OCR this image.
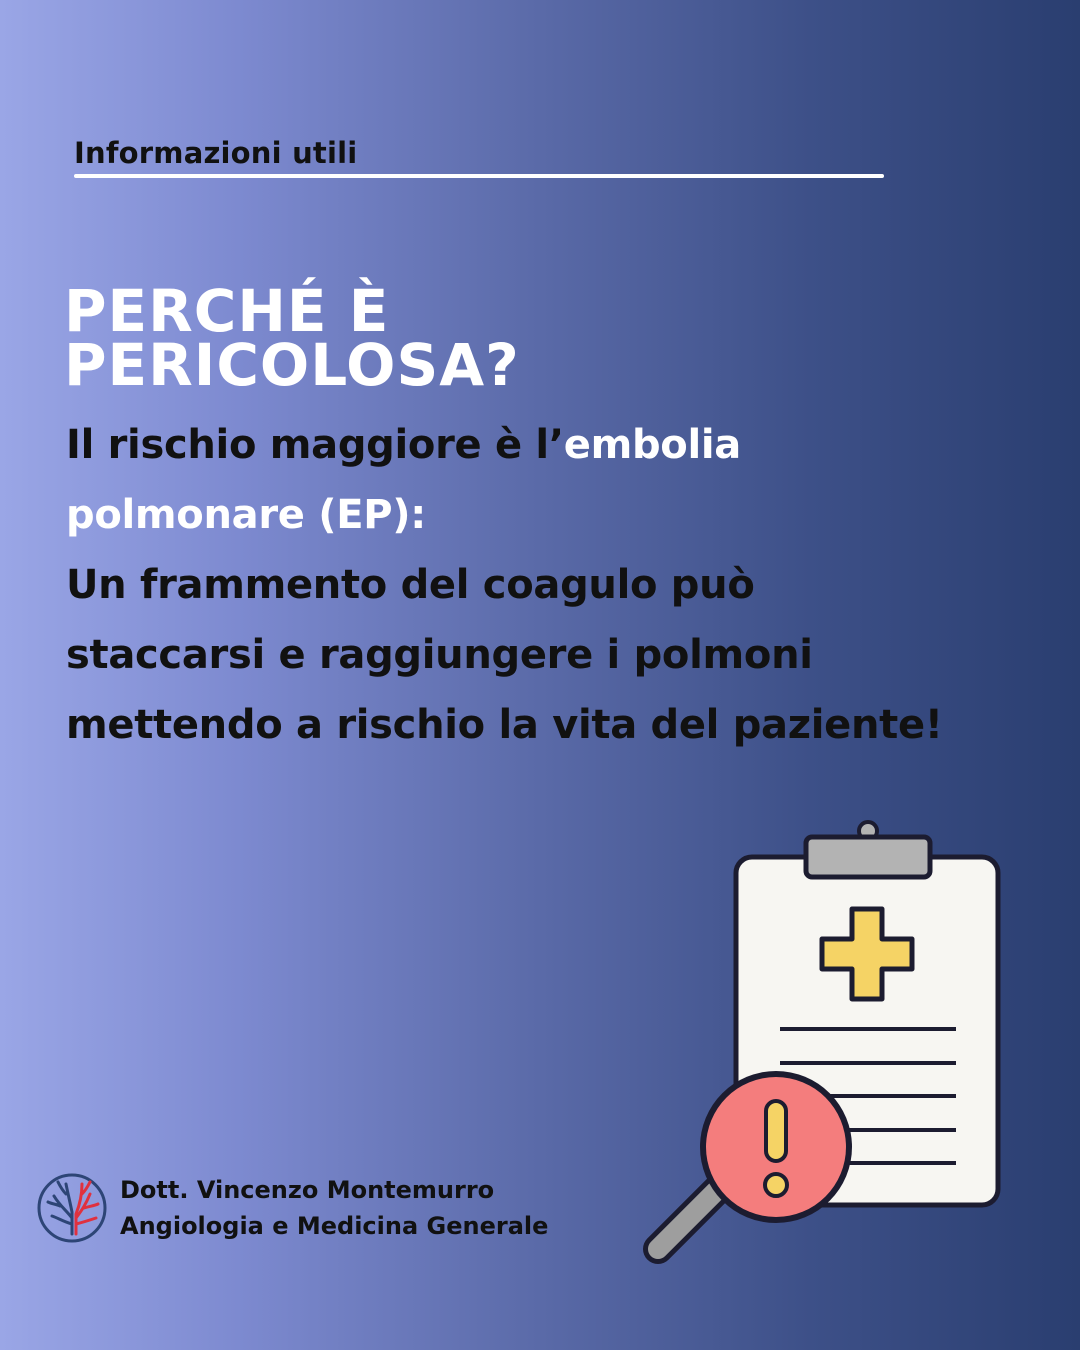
Informazioni utili
PERCHÉ È
PERICOLOSA?
Il rischio maggiore è l’embolia
polmonare (EP):
Un frammento del coagulo può staccarsi e raggiungere i polmoni mettendo a rischio la vita del paziente!
Dott. Vincenzo Montemurro
Angiologia e Medicina Generale
